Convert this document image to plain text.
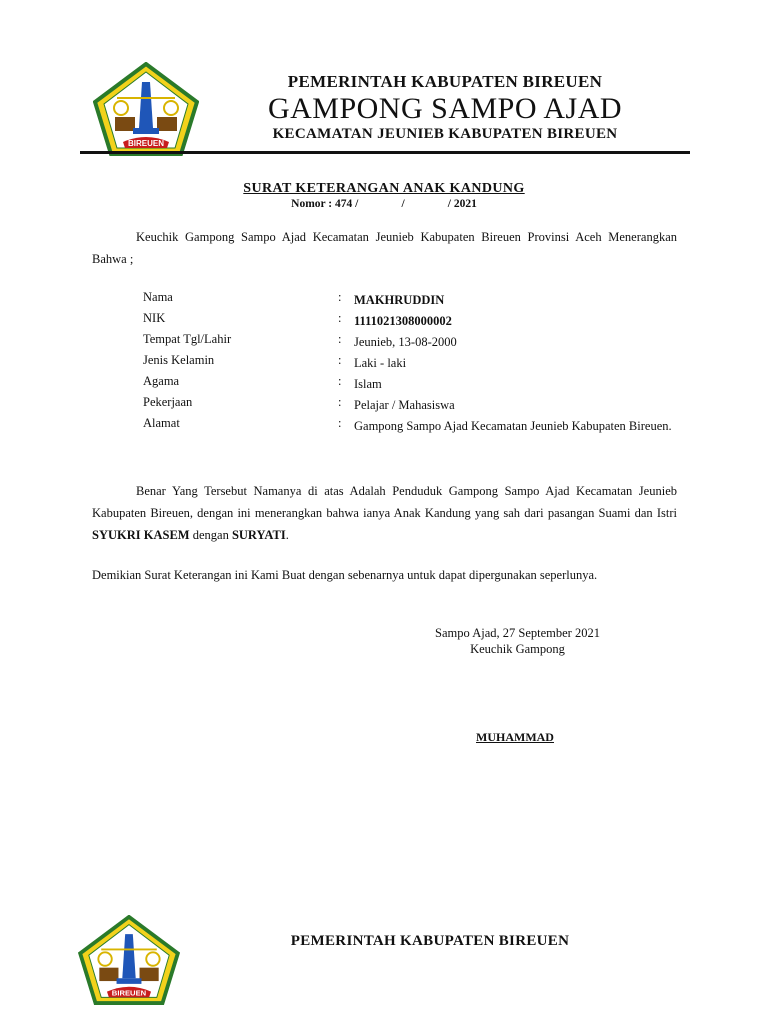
BIREUEN
PEMERINTAH KABUPATEN BIREUEN
GAMPONG SAMPO AJAD
KECAMATAN JEUNIEB KABUPATEN BIREUEN
SURAT KETERANGAN ANAK KANDUNG
Nomor : 474 /               /               / 2021
Keuchik Gampong Sampo Ajad Kecamatan Jeunieb Kabupaten Bireuen Provinsi Aceh Menerangkan Bahwa ;
Nama	: MAKHRUDDIN
NIK	: 1111021308000002
Tempat Tgl/Lahir	: Jeunieb, 13-08-2000
Jenis Kelamin	: Laki - laki
Agama	: Islam
Pekerjaan	: Pelajar / Mahasiswa
Alamat	: Gampong Sampo Ajad Kecamatan Jeunieb Kabupaten Bireuen.
Benar Yang Tersebut Namanya di atas Adalah Penduduk Gampong Sampo Ajad Kecamatan Jeunieb Kabupaten Bireuen, dengan ini menerangkan bahwa ianya Anak Kandung yang sah dari pasangan Suami dan Istri SYUKRI KASEM dengan SURYATI.
Demikian Surat Keterangan ini Kami Buat dengan sebenarnya untuk dapat dipergunakan seperlunya.
Sampo Ajad, 27 September 2021
Keuchik Gampong
MUHAMMAD
BIREUEN
PEMERINTAH KABUPATEN BIREUEN
